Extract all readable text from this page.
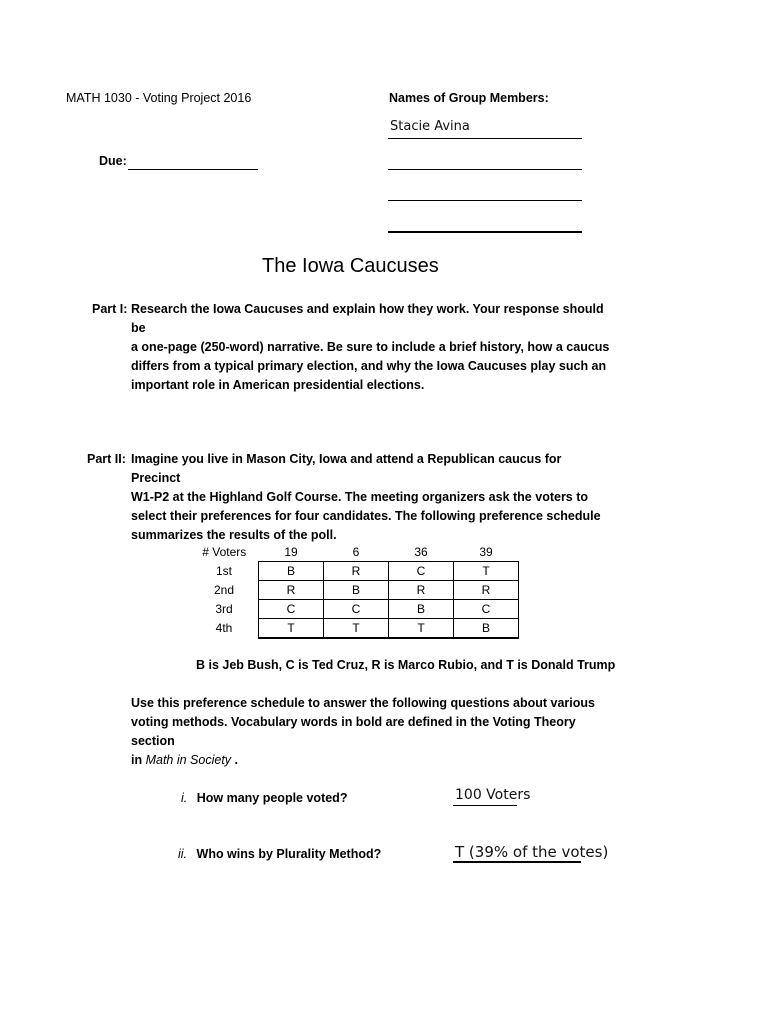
MATH 1030 - Voting Project 2016	Names of Group Members:
Stacie Avina
Due:
The Iowa Caucuses
Part I: Research the Iowa Caucuses and explain how they work. Your response should be
a one-page (250-word) narrative. Be sure to include a brief history, how a caucus
differs from a typical primary election, and why the Iowa Caucuses play such an
important role in American presidential elections.
Part II: Imagine you live in Mason City, Iowa and attend a Republican caucus for Precinct
W1-P2 at the Highland Golf Course. The meeting organizers ask the voters to
select their preferences for four candidates. The following preference schedule
summarizes the results of the poll.
# Voters	19	6	36	39
1st	B	R	C	T
2nd	R	B	R	R
3rd	C	C	B	C
4th	T	T	T	B
B is Jeb Bush, C is Ted Cruz, R is Marco Rubio, and T is Donald Trump
Use this preference schedule to answer the following questions about various
voting methods. Vocabulary words in bold are defined in the Voting Theory section
in Math in Society .
i. How many people voted?	100 Voters
ii. Who wins by Plurality Method?	T (39% of the votes)
